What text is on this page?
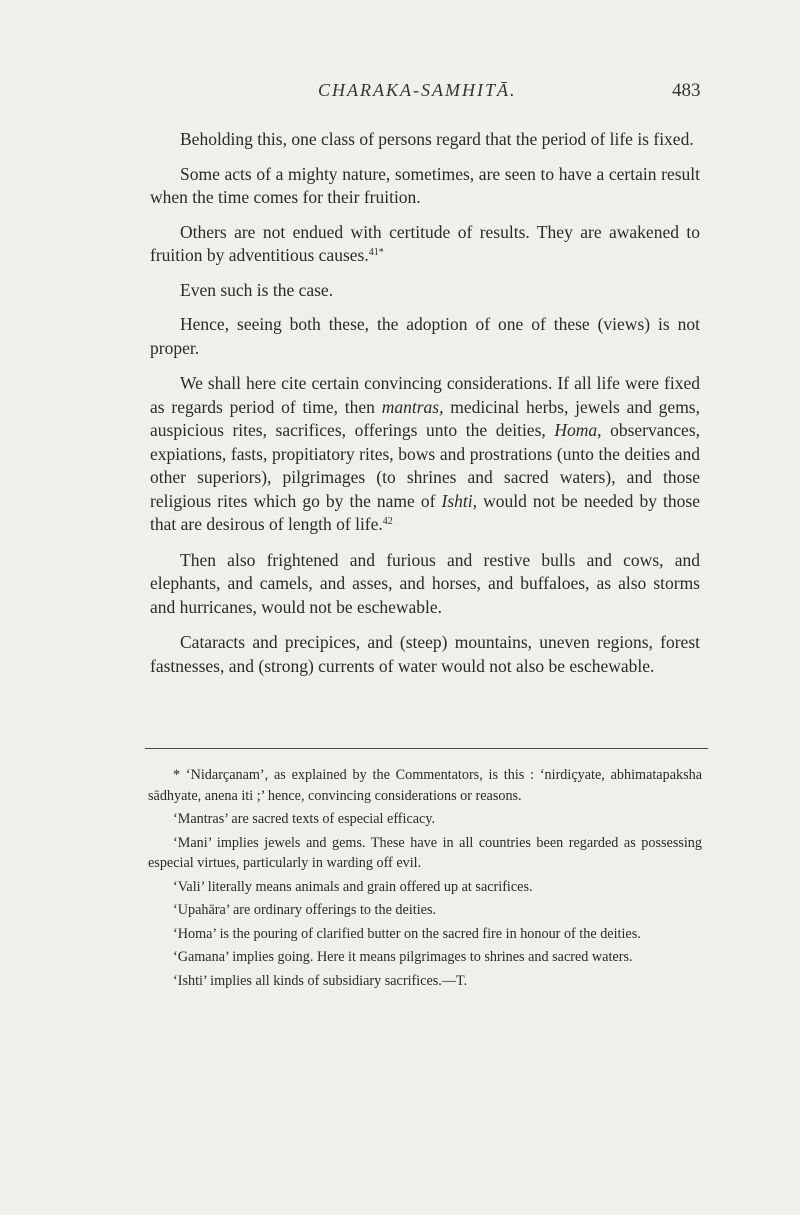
CHARAKA-SAMHITĀ.	483

Beholding this, one class of persons regard that the period of life is fixed.

Some acts of a mighty nature, sometimes, are seen to have a certain result when the time comes for their fruition.

Others are not endued with certitude of results. They are awakened to fruition by adventitious causes.$^{41*}$

Even such is the case.

Hence, seeing both these, the adoption of one of these (views) is not proper.

We shall here cite certain convincing considerations. If all life were fixed as regards period of time, then mantras, medicinal herbs, jewels and gems, auspicious rites, sacrifices, offerings unto the deities, Homa, observances, expiations, fasts, propitiatory rites, bows and prostrations (unto the deities and other superiors), pilgrimages (to shrines and sacred waters), and those religious rites which go by the name of Ishti, would not be needed by those that are desirous of length of life.$^{42}$

Then also frightened and furious and restive bulls and cows, and elephants, and camels, and asses, and horses, and buffaloes, as also storms and hurricanes, would not be eschewable.

Cataracts and precipices, and (steep) mountains, uneven regions, forest fastnesses, and (strong) currents of water would not also be eschewable.

* ‘Nidarçanam’, as explained by the Commentators, is this : ‘nirdiçyate, abhimatapaksha sādhyate, anena iti ;’ hence, convincing considerations or reasons.

‘Mantras’ are sacred texts of especial efficacy.

‘Mani’ implies jewels and gems. These have in all countries been regarded as possessing especial virtues, particularly in warding off evil.

‘Vali’ literally means animals and grain offered up at sacrifices.

‘Upahāra’ are ordinary offerings to the deities.

‘Homa’ is the pouring of clarified butter on the sacred fire in honour of the deities.

‘Gamana’ implies going. Here it means pilgrimages to shrines and sacred waters.

‘Ishti’ implies all kinds of subsidiary sacrifices.—T.
